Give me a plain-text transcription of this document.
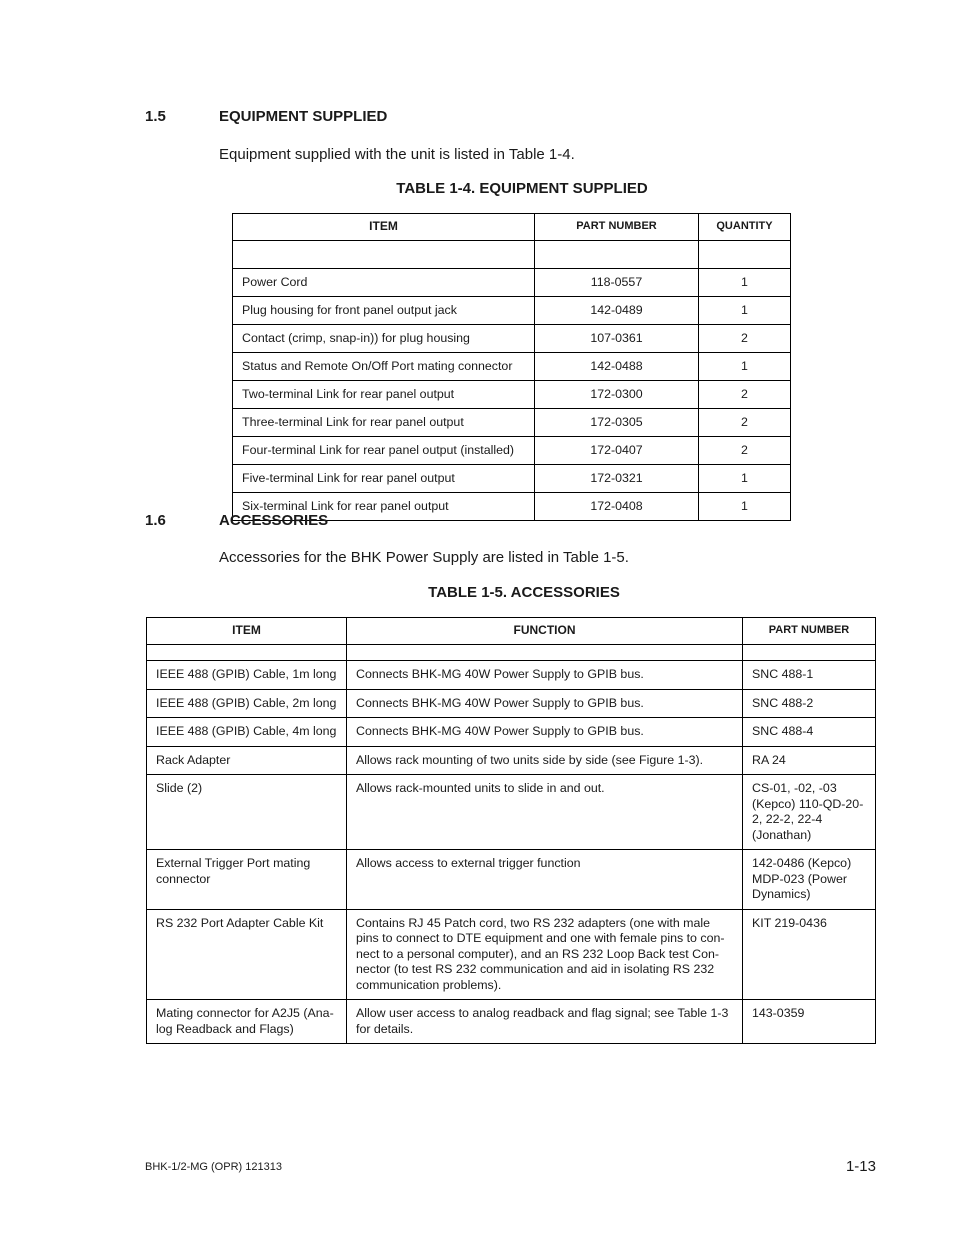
1.5	EQUIPMENT SUPPLIED
Equipment supplied with the unit is listed in Table 1-4.
TABLE 1-4. EQUIPMENT SUPPLIED
ITEM	PART NUMBER	QUANTITY

Power Cord	118-0557	1
Plug housing for front panel output jack	142-0489	1
Contact (crimp, snap-in)) for plug housing	107-0361	2
Status and Remote On/Off Port mating connector	142-0488	1
Two-terminal Link for rear panel output	172-0300	2
Three-terminal Link for rear panel output	172-0305	2
Four-terminal Link for rear panel output (installed)	172-0407	2
Five-terminal Link for rear panel output	172-0321	1
Six-terminal Link for rear panel output	172-0408	1
1.6	ACCESSORIES
Accessories for the BHK Power Supply are listed in Table 1-5.
TABLE 1-5. ACCESSORIES
ITEM	FUNCTION	PART NUMBER

IEEE 488 (GPIB) Cable, 1m long	Connects BHK-MG 40W Power Supply to GPIB bus.	SNC 488-1
IEEE 488 (GPIB) Cable, 2m long	Connects BHK-MG 40W Power Supply to GPIB bus.	SNC 488-2
IEEE 488 (GPIB) Cable, 4m long	Connects BHK-MG 40W Power Supply to GPIB bus.	SNC 488-4
Rack Adapter	Allows rack mounting of two units side by side (see Figure 1-3).	RA 24
Slide (2)	Allows rack-mounted units to slide in and out.	CS-01, -02, -03 (Kepco) 110-QD-20-2, 22-2, 22-4 (Jonathan)
External Trigger Port mating connector	Allows access to external trigger function	142-0486 (Kepco) MDP-023 (Power Dynamics)
RS 232 Port Adapter Cable Kit	Contains RJ 45 Patch cord, two RS 232 adapters (one with male pins to connect to DTE equipment and one with female pins to con-nect to a personal computer), and an RS 232 Loop Back test Con-nector (to test RS 232 communication and aid in isolating RS 232 communication problems).	KIT 219-0436
Mating connector for A2J5 (Ana-log Readback and Flags)	Allow user access to analog readback and flag signal; see Table 1-3 for details.	143-0359
BHK-1/2-MG (OPR) 121313	1-13
